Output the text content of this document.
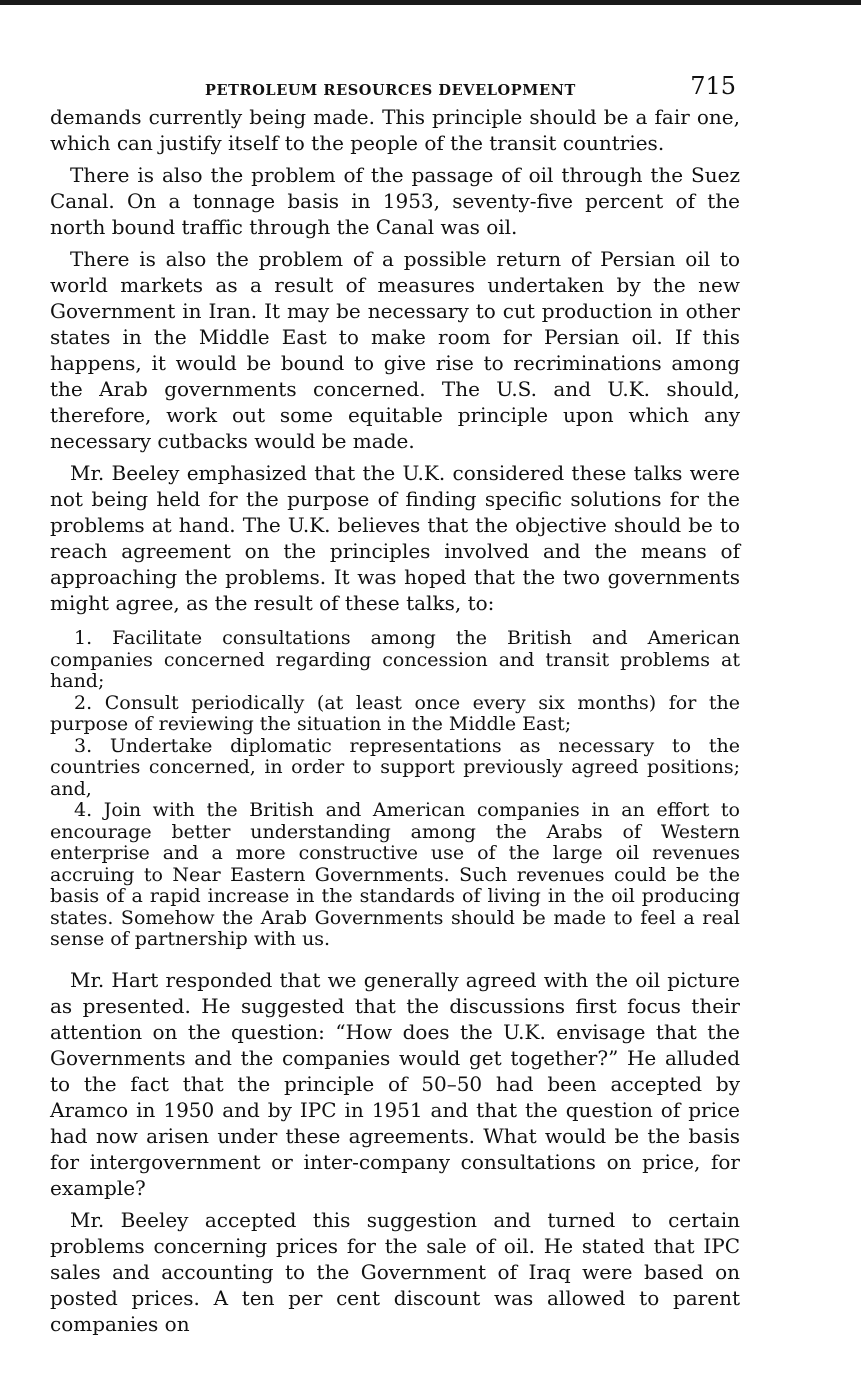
PETROLEUM RESOURCES DEVELOPMENT	715

demands currently being made. This principle should be a fair one, which can justify itself to the people of the transit countries.

There is also the problem of the passage of oil through the Suez Canal. On a tonnage basis in 1953, seventy-five percent of the north bound traffic through the Canal was oil.

There is also the problem of a possible return of Persian oil to world markets as a result of measures undertaken by the new Government in Iran. It may be necessary to cut production in other states in the Middle East to make room for Persian oil. If this happens, it would be bound to give rise to recriminations among the Arab governments concerned. The U.S. and U.K. should, therefore, work out some equitable principle upon which any necessary cutbacks would be made.

Mr. Beeley emphasized that the U.K. considered these talks were not being held for the purpose of finding specific solutions for the problems at hand. The U.K. believes that the objective should be to reach agreement on the principles involved and the means of approaching the problems. It was hoped that the two governments might agree, as the result of these talks, to:

1. Facilitate consultations among the British and American companies concerned regarding concession and transit problems at hand;
2. Consult periodically (at least once every six months) for the purpose of reviewing the situation in the Middle East;
3. Undertake diplomatic representations as necessary to the countries concerned, in order to support previously agreed positions; and,
4. Join with the British and American companies in an effort to encourage better understanding among the Arabs of Western enterprise and a more constructive use of the large oil revenues accruing to Near Eastern Governments. Such revenues could be the basis of a rapid increase in the standards of living in the oil producing states. Somehow the Arab Governments should be made to feel a real sense of partnership with us.

Mr. Hart responded that we generally agreed with the oil picture as presented. He suggested that the discussions first focus their attention on the question: “How does the U.K. envisage that the Governments and the companies would get together?” He alluded to the fact that the principle of 50–50 had been accepted by Aramco in 1950 and by IPC in 1951 and that the question of price had now arisen under these agreements. What would be the basis for intergovernment or inter-company consultations on price, for example?

Mr. Beeley accepted this suggestion and turned to certain problems concerning prices for the sale of oil. He stated that IPC sales and accounting to the Government of Iraq were based on posted prices. A ten per cent discount was allowed to parent companies on
